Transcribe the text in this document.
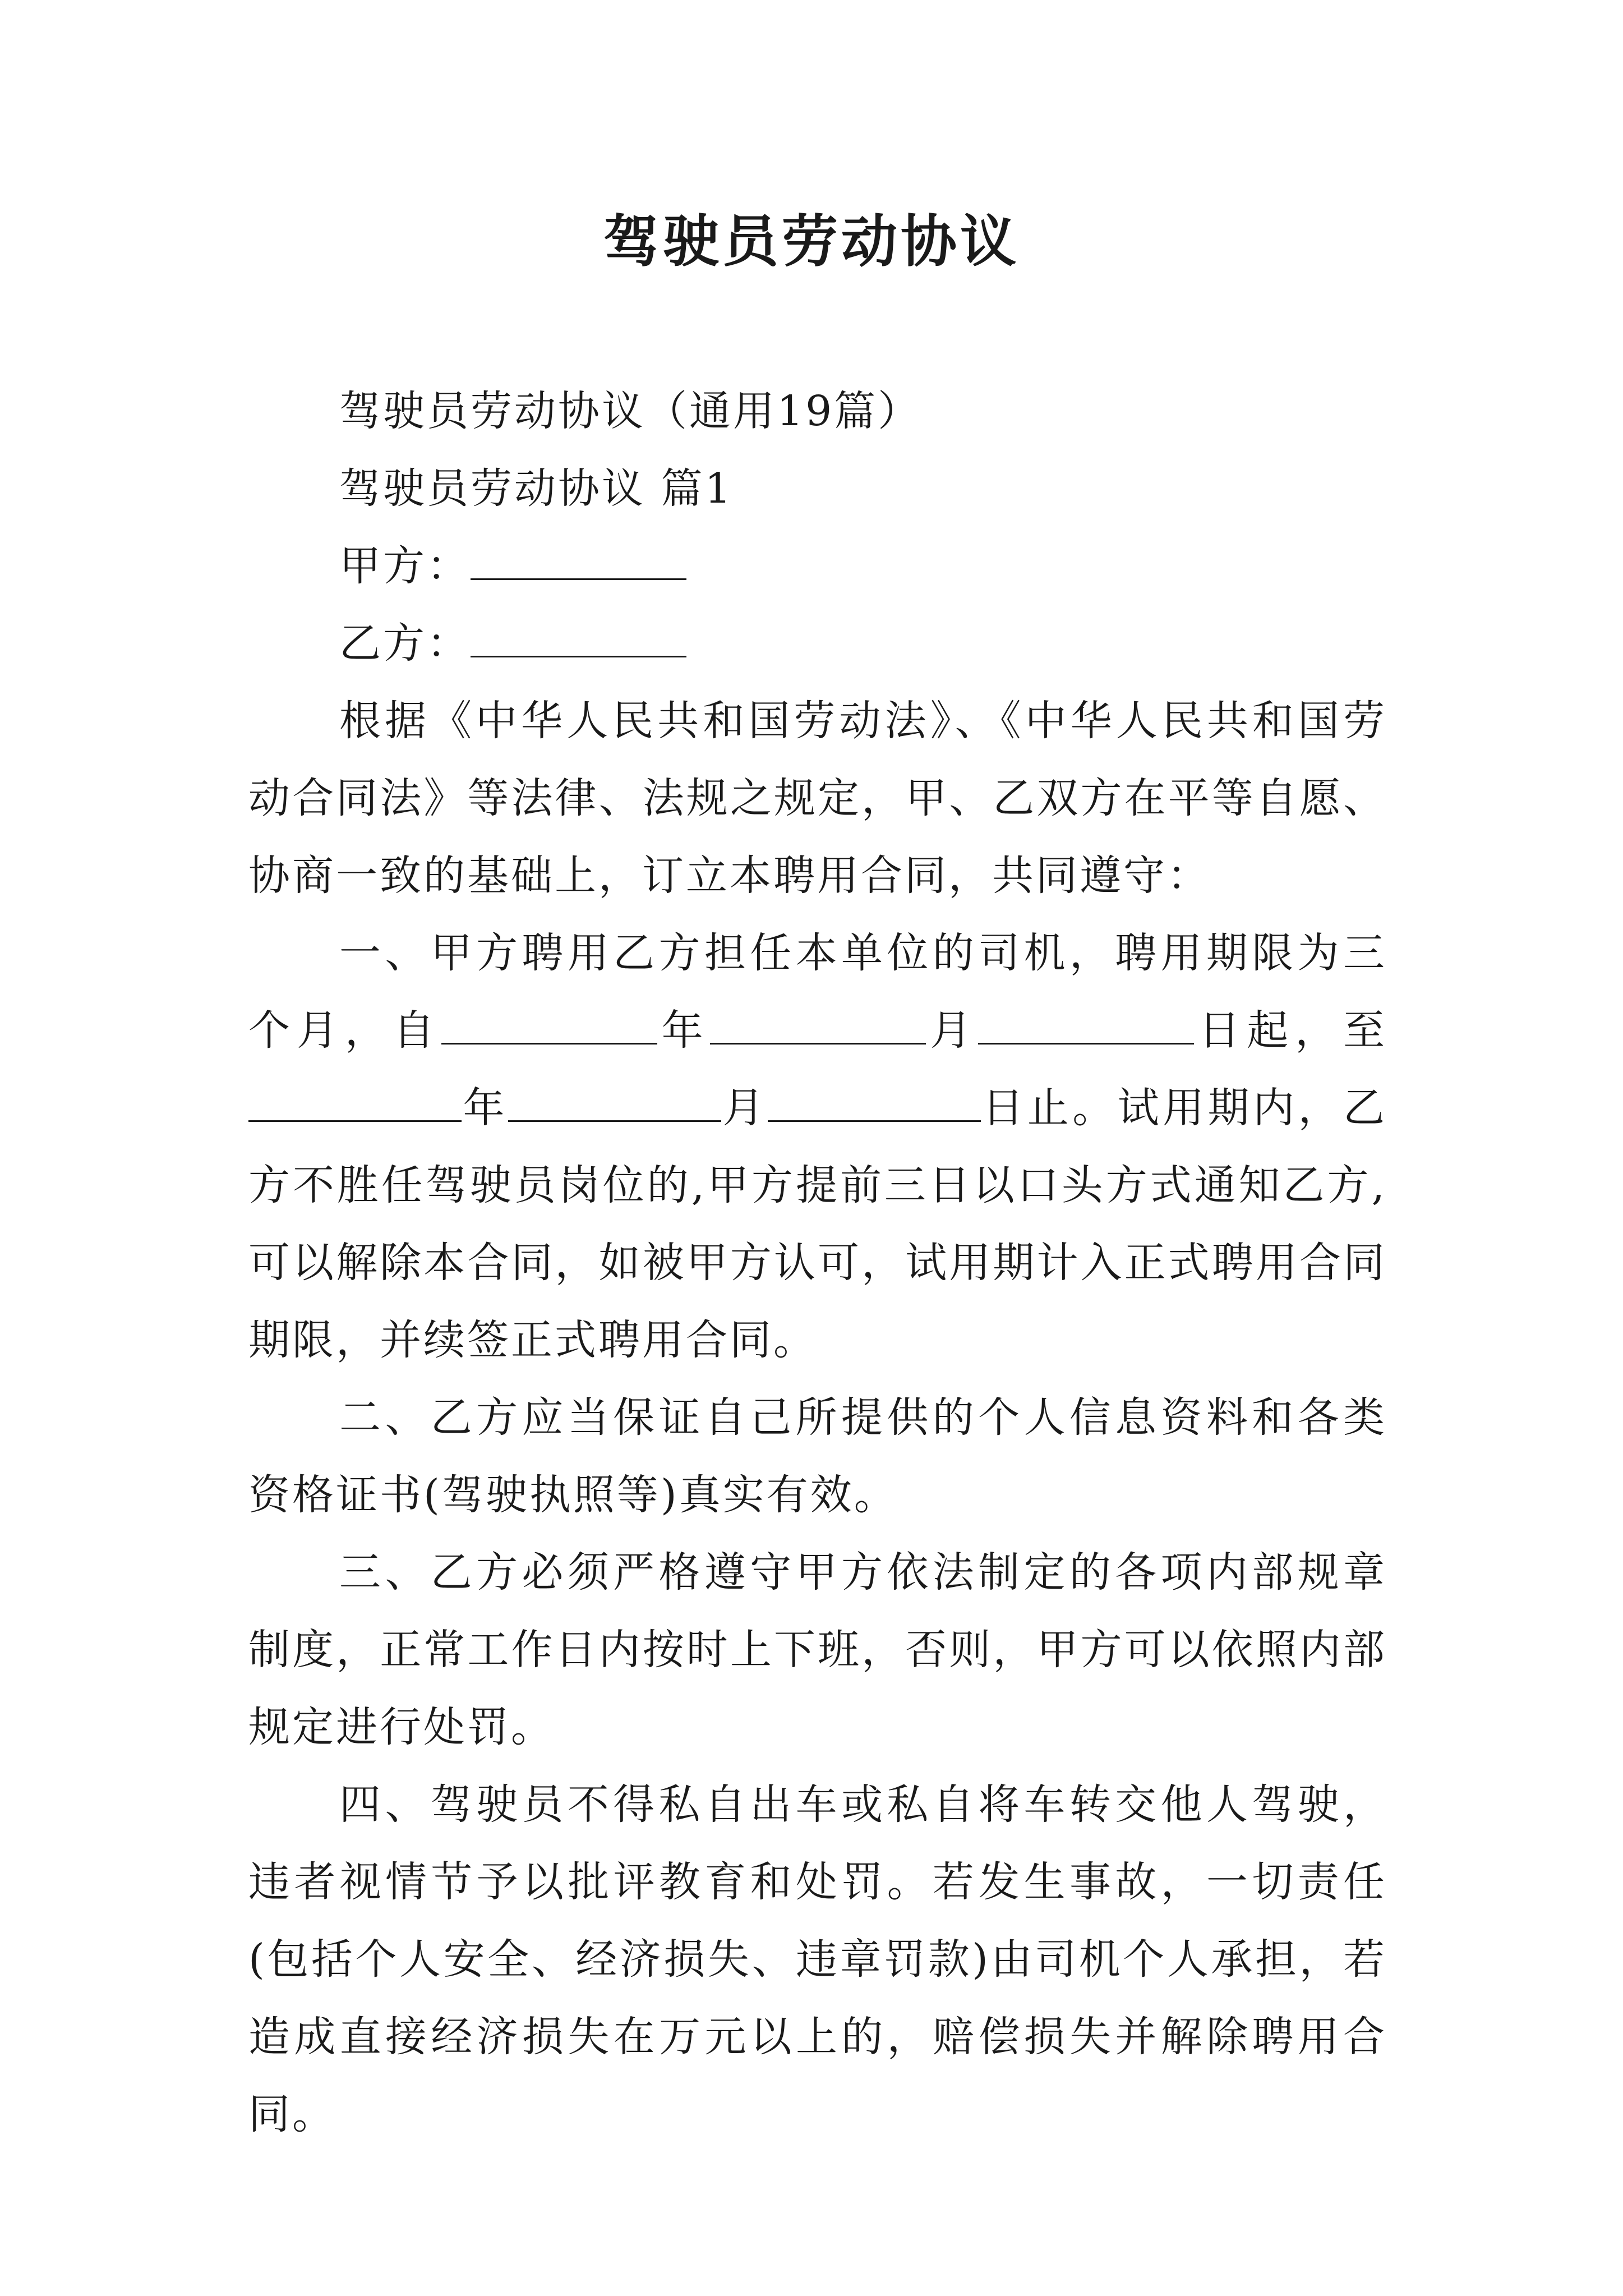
驾驶员劳动协议

驾驶员劳动协议（通用19篇）

驾驶员劳动协议 篇1

甲方：

乙方：

根据《中华人民共和国劳动法》、《中华人民共和国劳动合同法》等法律、法规之规定，甲、乙双方在平等自愿、协商一致的基础上，订立本聘用合同，共同遵守：

一、甲方聘用乙方担任本单位的司机，聘用期限为三个月，自	年	月	日起，至年	月	日止。试用期内，乙方不胜任驾驶员岗位的,甲方提前三日以口头方式通知乙方,可以解除本合同，如被甲方认可，试用期计入正式聘用合同期限，并续签正式聘用合同。

二、乙方应当保证自己所提供的个人信息资料和各类资格证书(驾驶执照等)真实有效。

三、乙方必须严格遵守甲方依法制定的各项内部规章制度，正常工作日内按时上下班，否则，甲方可以依照内部规定进行处罚。

四、驾驶员不得私自出车或私自将车转交他人驾驶，违者视情节予以批评教育和处罚。若发生事故，一切责任(包括个人安全、经济损失、违章罚款)由司机个人承担，若造成直接经济损失在万元以上的，赔偿损失并解除聘用合同。
